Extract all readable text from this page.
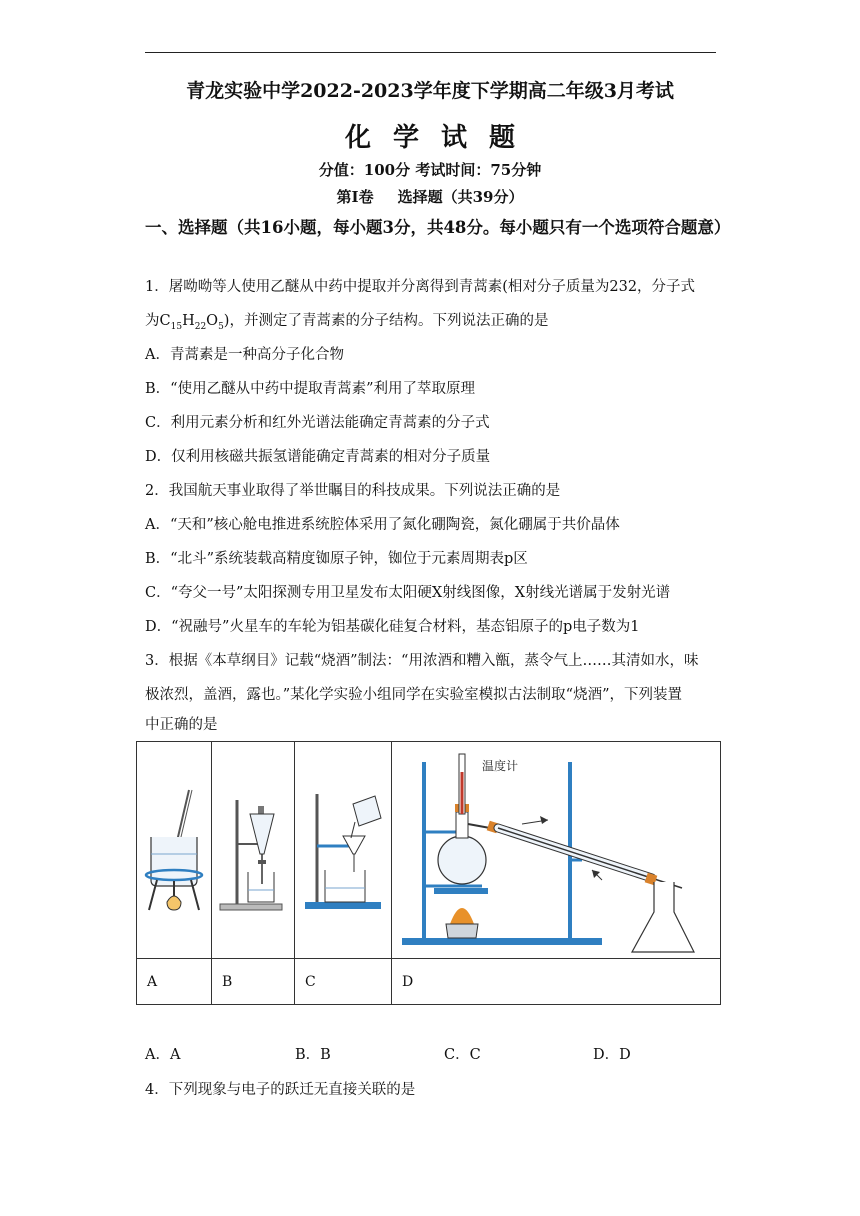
青龙实验中学2022-2023学年度下学期高二年级3月考试
化学试题
分值：100分 考试时间：75分钟
第I卷 选择题（共39分）
一、选择题（共16小题，每小题3分，共48分。每小题只有一个选项符合题意）
1．屠呦呦等人使用乙醚从中药中提取并分离得到青蒿素(相对分子质量为232，分子式
为$C_{15}H_{22}O_5$)，并测定了青蒿素的分子结构。下列说法正确的是
A．青蒿素是一种高分子化合物
B．“使用乙醚从中药中提取青蒿素”利用了萃取原理
C．利用元素分析和红外光谱法能确定青蒿素的分子式
D．仅利用核磁共振氢谱能确定青蒿素的相对分子质量
2．我国航天事业取得了举世瞩目的科技成果。下列说法正确的是
A．“天和”核心舱电推进系统腔体采用了氮化硼陶瓷，氮化硼属于共价晶体
B．“北斗”系统装载高精度铷原子钟，铷位于元素周期表p区
C．“夸父一号”太阳探测专用卫星发布太阳硬X射线图像，X射线光谱属于发射光谱
D．“祝融号”火星车的车轮为铝基碳化硅复合材料，基态铝原子的p电子数为1
3．根据《本草纲目》记载“烧酒”制法：“用浓酒和糟入甑，蒸令气上……其清如水，味
极浓烈，盖酒，露也。”某化学实验小组同学在实验室模拟古法制取“烧酒”，下列装置
中正确的是

温度计

A	B	C	D
A．A	B．B	C．C	D．D
4．下列现象与电子的跃迁无直接关联的是
